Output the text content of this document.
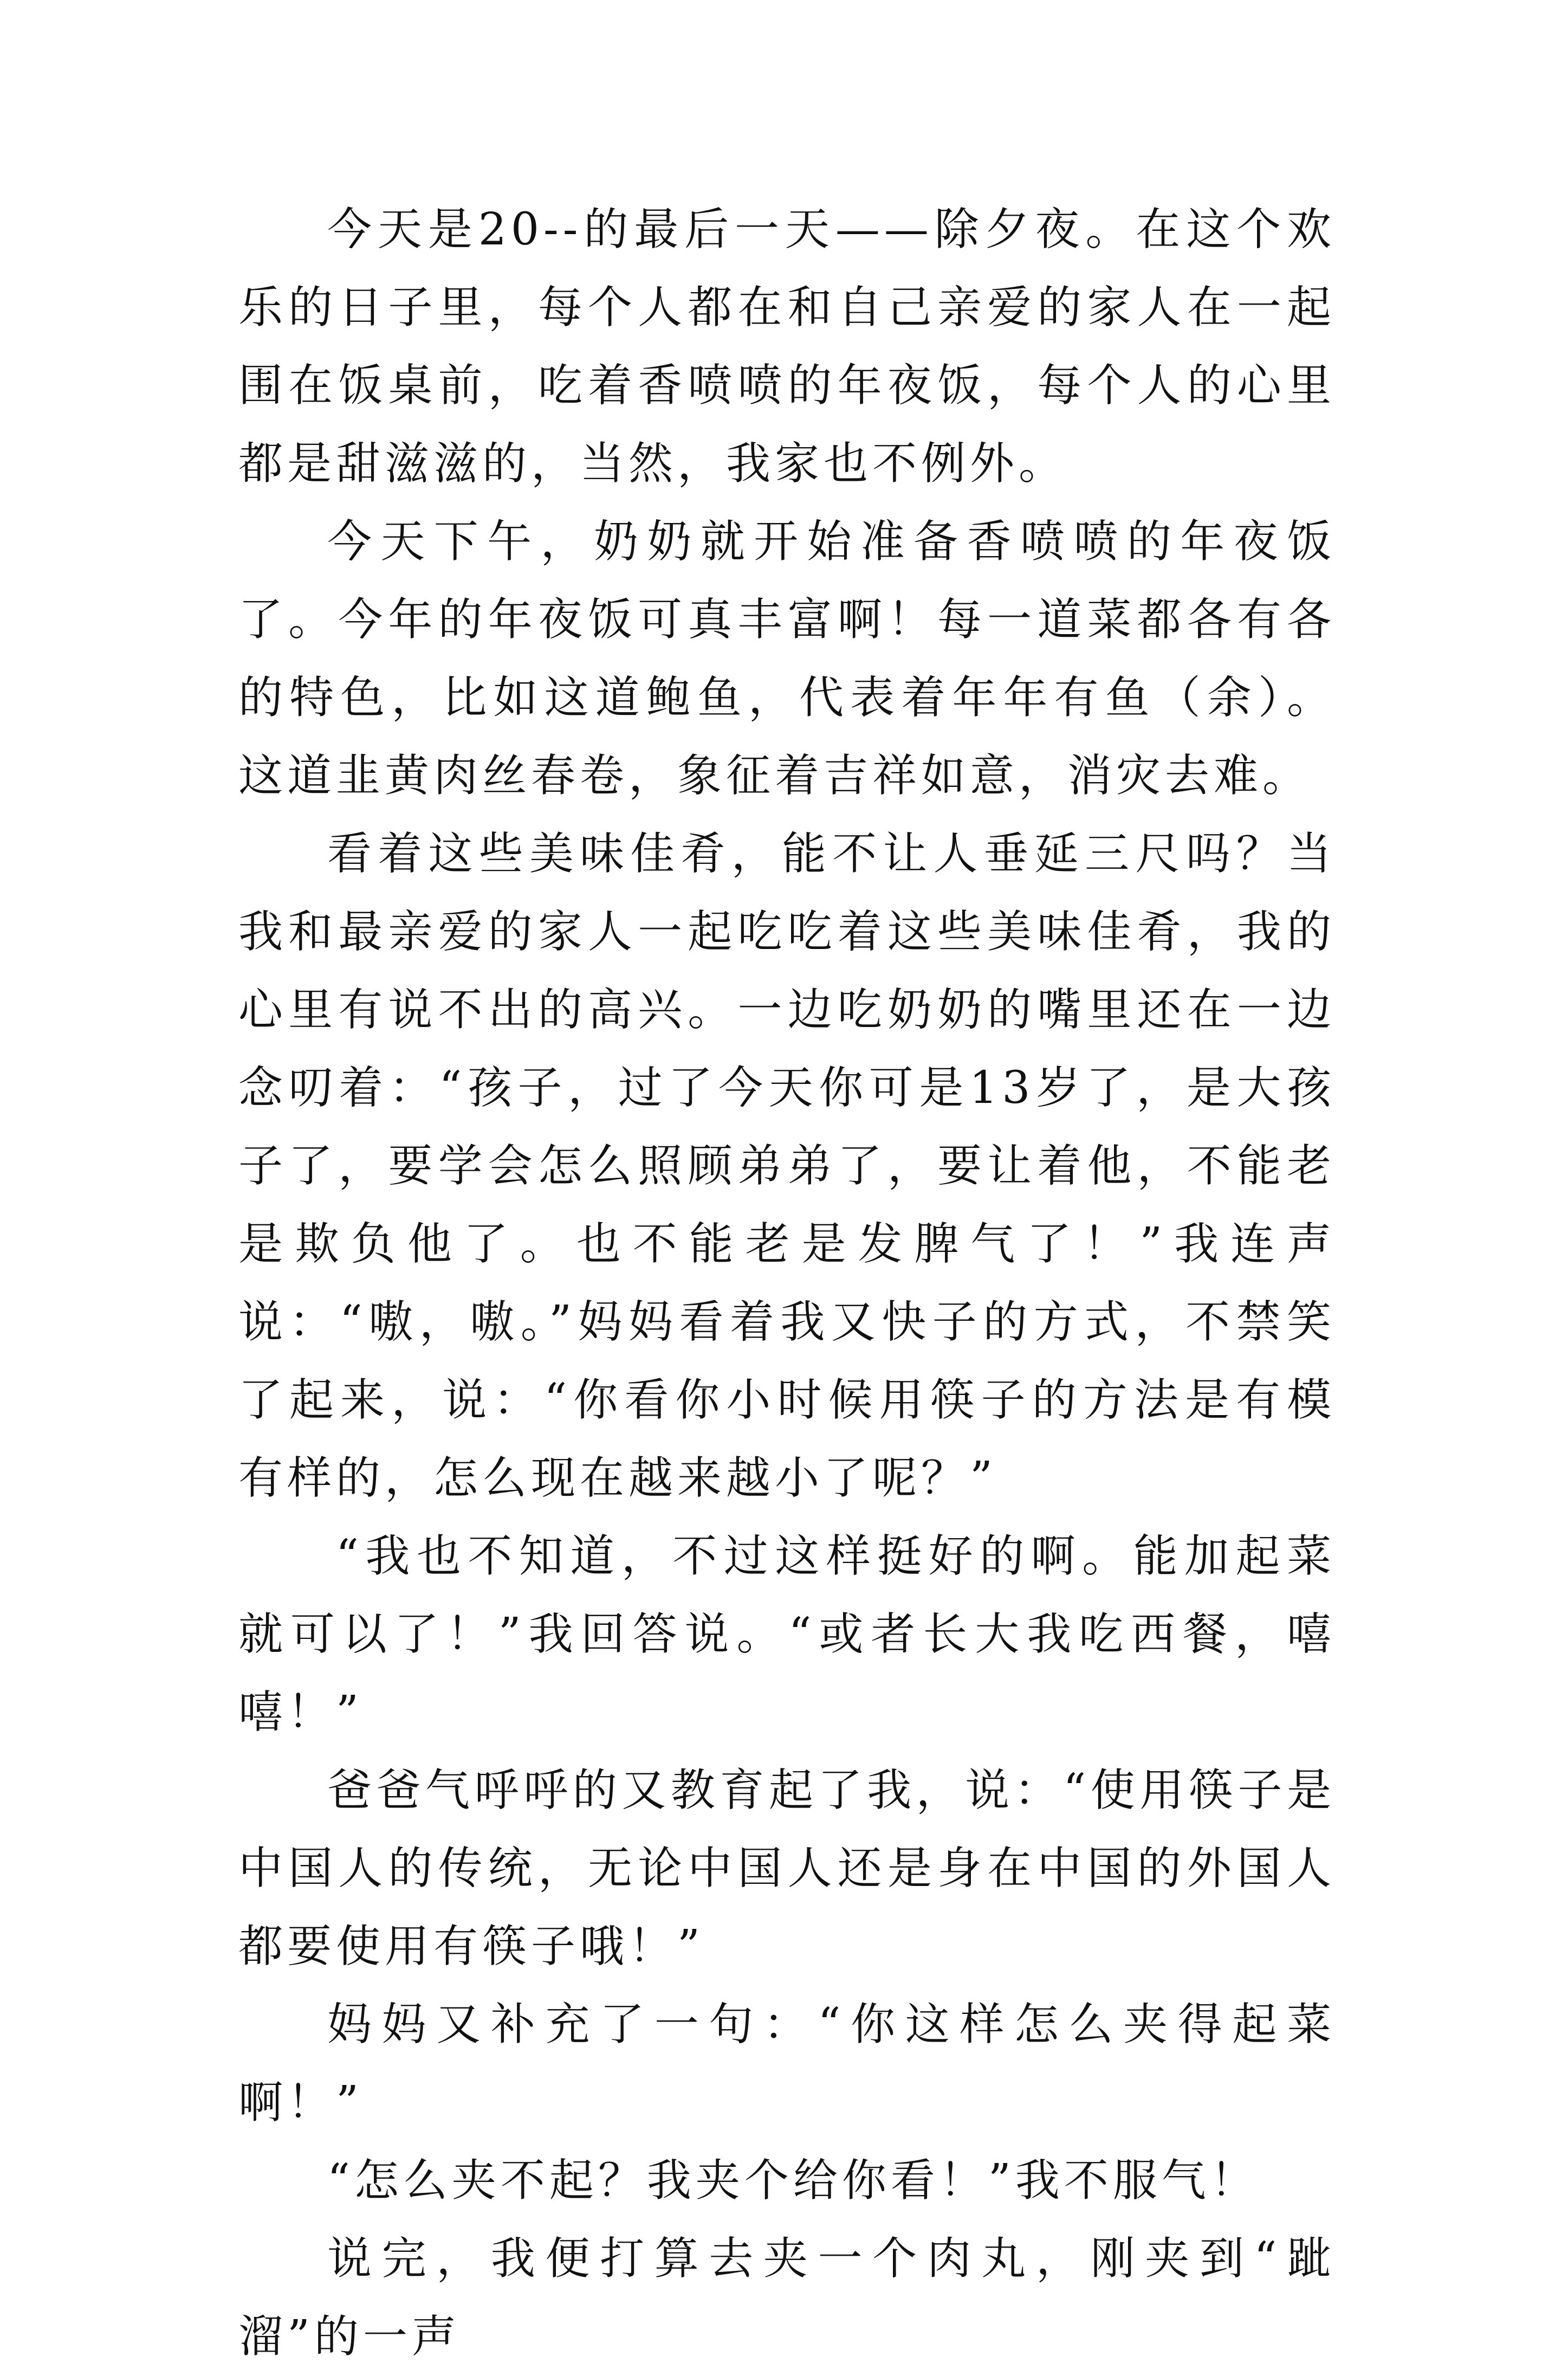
今天是20--的最后一天——除夕夜。在这个欢乐的日子里，每个人都在和自己亲爱的家人在一起围在饭桌前，吃着香喷喷的年夜饭，每个人的心里都是甜滋滋的，当然，我家也不例外。

今天下午，奶奶就开始准备香喷喷的年夜饭了。今年的年夜饭可真丰富啊！每一道菜都各有各的特色，比如这道鲍鱼，代表着年年有鱼（余）。这道韭黄肉丝春卷，象征着吉祥如意，消灾去难。

看着这些美味佳肴，能不让人垂延三尺吗？当我和最亲爱的家人一起吃吃着这些美味佳肴，我的心里有说不出的高兴。一边吃奶奶的嘴里还在一边念叨着：“孩子，过了今天你可是13岁了，是大孩子了，要学会怎么照顾弟弟了，要让着他，不能老是欺负他了。也不能老是发脾气了！”我连声说：“嗷，嗷。”妈妈看着我又快子的方式，不禁笑了起来，说：“你看你小时候用筷子的方法是有模有样的，怎么现在越来越小了呢？”

“我也不知道，不过这样挺好的啊。能加起菜就可以了！”我回答说。“或者长大我吃西餐，嘻嘻！”

爸爸气呼呼的又教育起了我，说：“使用筷子是中国人的传统，无论中国人还是身在中国的外国人都要使用有筷子哦！”

妈妈又补充了一句：“你这样怎么夹得起菜啊！”

“怎么夹不起？我夹个给你看！”我不服气！

说完，我便打算去夹一个肉丸，刚夹到“跐溜”的一声
